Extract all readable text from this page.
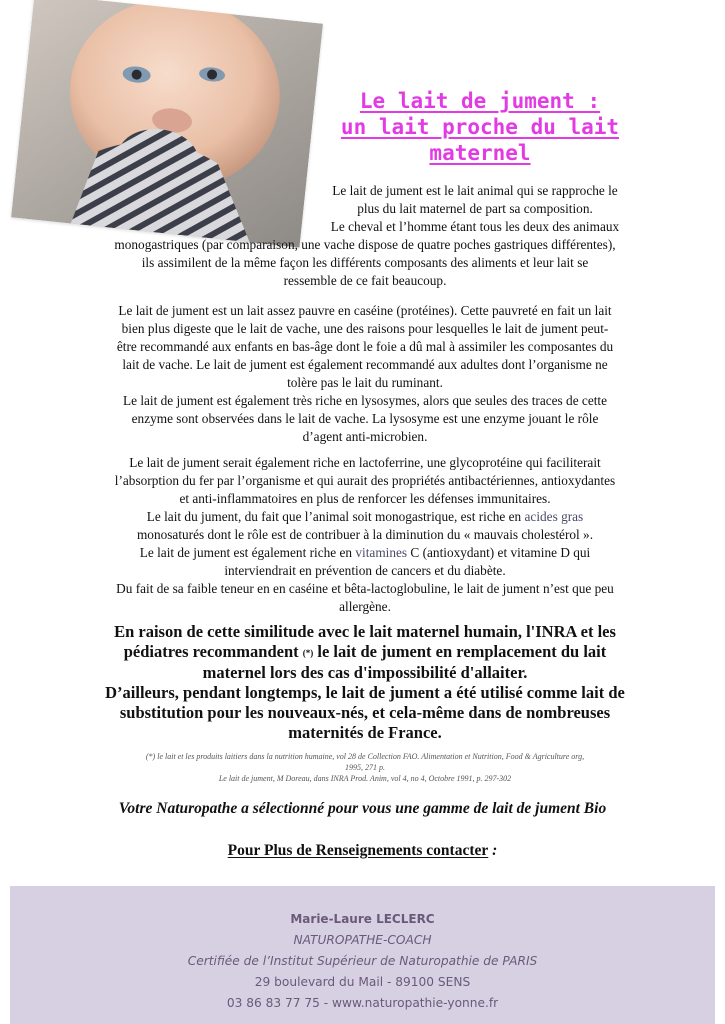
Le lait de jument :
un lait proche du lait
maternel
Le lait de jument est le lait animal qui se rapproche le
plus du lait maternel de part sa composition.
Le cheval et l’homme étant tous les deux des animaux

monogastriques (par comparaison, une vache dispose de quatre poches gastriques différentes),

ils assimilent de la même façon les différents composants des aliments et leur lait se

ressemble de ce fait beaucoup.

Le lait de jument est un lait assez pauvre en caséine (protéines). Cette pauvreté en fait un lait

bien plus digeste que le lait de vache, une des raisons pour lesquelles le lait de jument peut-

être recommandé aux enfants en bas-âge dont le foie a dû mal à assimiler les composantes du

lait de vache. Le lait de jument est également recommandé aux adultes dont l’organisme ne

tolère pas le lait du ruminant.

Le lait de jument est également très riche en lysosymes, alors que seules des traces de cette

enzyme sont observées dans le lait de vache. La lysosyme est une enzyme jouant le rôle

d’agent anti-microbien.

Le lait de jument serait également riche en lactoferrine, une glycoprotéine qui faciliterait

l’absorption du fer par l’organisme et qui aurait des propriétés antibactériennes, antioxydantes

et anti-inflammatoires en plus de renforcer les défenses immunitaires.

Le lait du jument, du fait que l’animal soit monogastrique, est riche en acides gras

monosaturés dont le rôle est de contribuer à la diminution du « mauvais cholestérol ».

Le lait de jument est également riche en vitamines C (antioxydant) et vitamine D qui

interviendrait en prévention de cancers et du diabète.

Du fait de sa faible teneur en en caséine et bêta-lactoglobuline, le lait de jument n’est que peu

allergène.

En raison de cette similitude avec le lait maternel humain, l'INRA et les

pédiatres recommandent (*) le lait de jument en remplacement du lait

maternel lors des cas d'impossibilité d'allaiter.

D’ailleurs, pendant longtemps, le lait de jument a été utilisé comme lait de

substitution pour les nouveaux-nés, et cela-même dans de nombreuses

maternités de France.

(*) le lait et les produits laitiers dans la nutrition humaine, vol 28 de Collection FAO. Alimentation et Nutrition, Food & Agriculture org,

1995, 271 p.

Le lait de jument, M Doreau, dans INRA Prod. Anim, vol 4, no 4, Octobre 1991, p. 297-302

Votre Naturopathe a sélectionné pour vous une gamme de lait de jument Bio
Pour Plus de Renseignements contacter :
Marie-Laure LECLERC
NATUROPATHE-COACH
Certifiée de l’Institut Supérieur de Naturopathie de PARIS
29 boulevard du Mail - 89100 SENS
03 86 83 77 75 - www.naturopathie-yonne.fr
